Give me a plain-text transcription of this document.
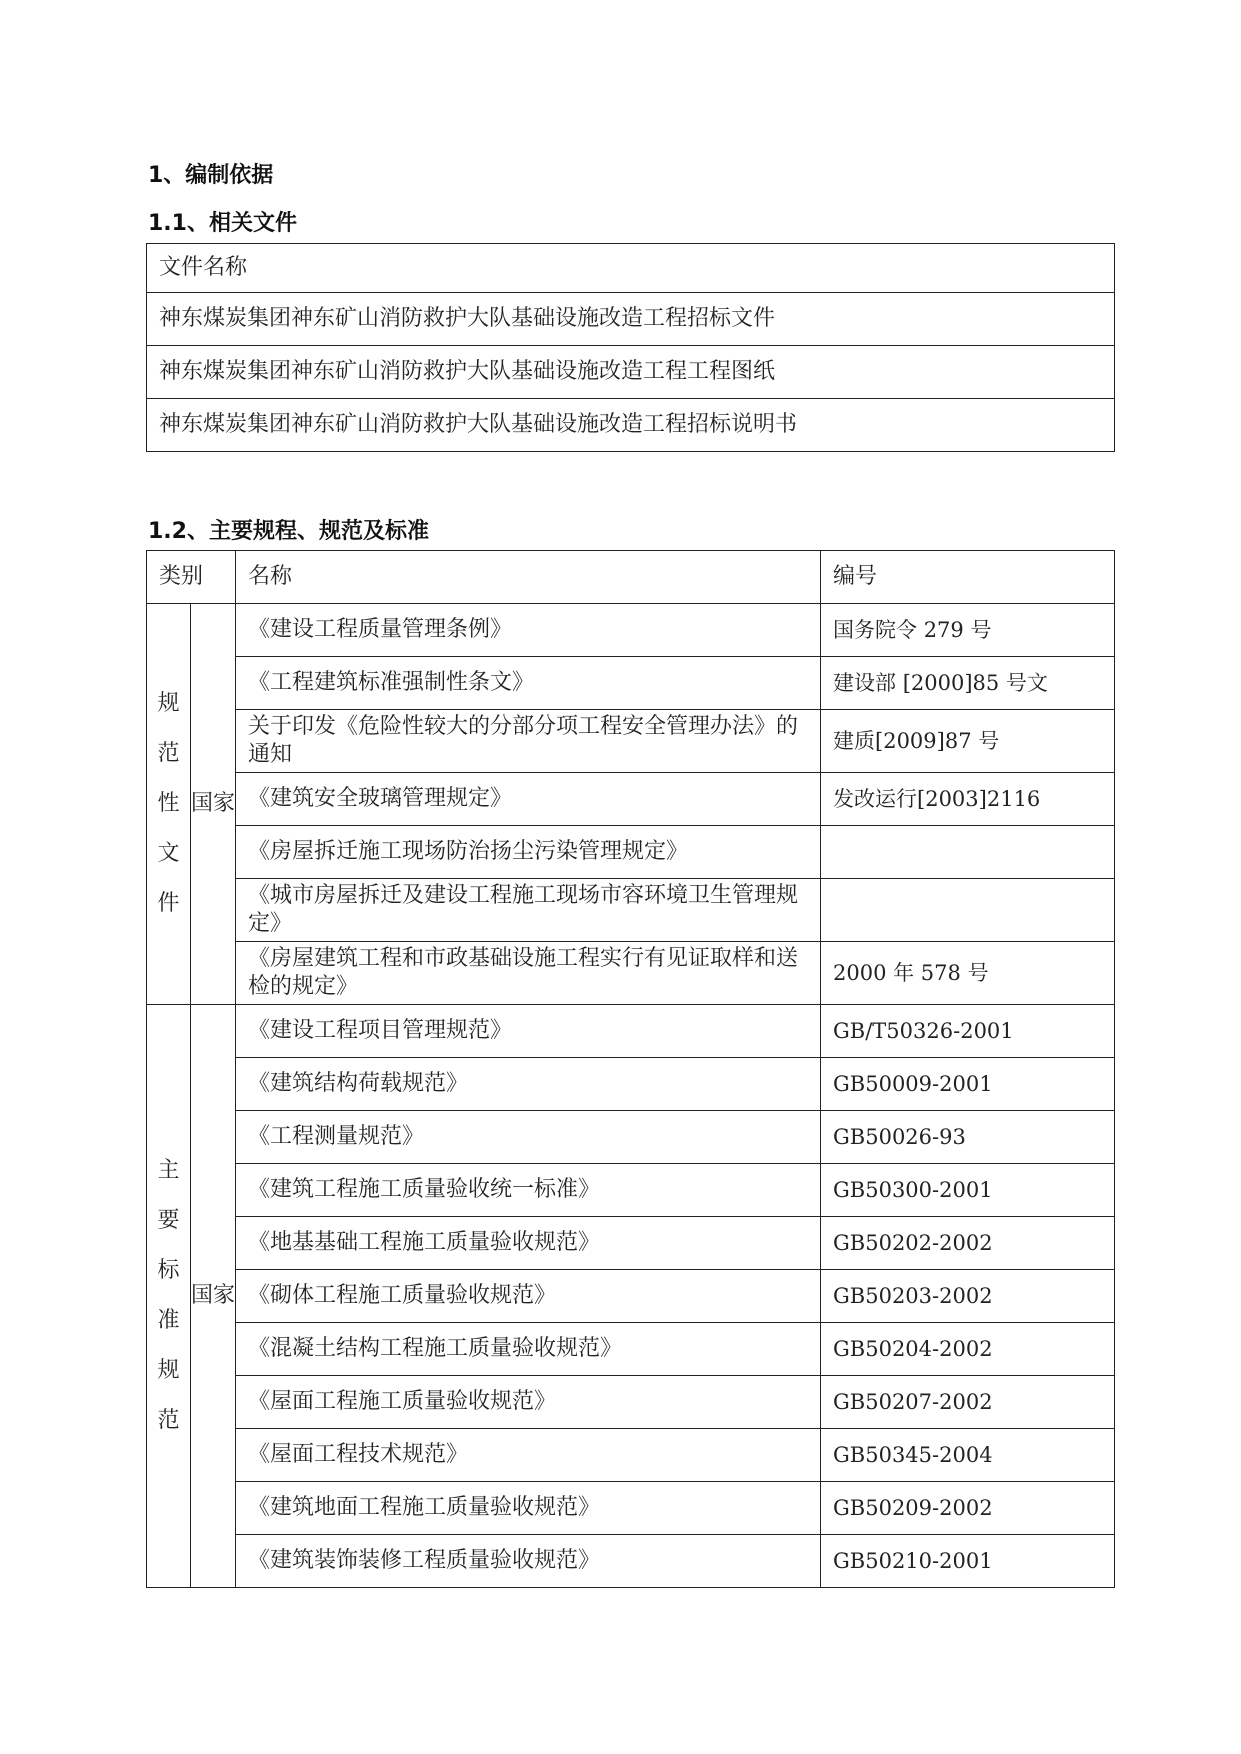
1、编制依据
1.1、相关文件
文件名称
神东煤炭集团神东矿山消防救护大队基础设施改造工程招标文件
神东煤炭集团神东矿山消防救护大队基础设施改造工程工程图纸
神东煤炭集团神东矿山消防救护大队基础设施改造工程招标说明书
1.2、主要规程、规范及标准
类别		名称	编号
规范性文件	国家	《建设工程质量管理条例》	国务院令 279 号
		《工程建筑标准强制性条文》	建设部 [2000]85 号文
		关于印发《危险性较大的分部分项工程安全管理办法》的通知	建质[2009]87 号
		《建筑安全玻璃管理规定》	发改运行[2003]2116
		《房屋拆迁施工现场防治扬尘污染管理规定》	
		《城市房屋拆迁及建设工程施工现场市容环境卫生管理规定》	
		《房屋建筑工程和市政基础设施工程实行有见证取样和送检的规定》	2000 年 578 号
主要标准规范	国家	《建设工程项目管理规范》	GB/T50326-2001
		《建筑结构荷载规范》	GB50009-2001
		《工程测量规范》	GB50026-93
		《建筑工程施工质量验收统一标准》	GB50300-2001
		《地基基础工程施工质量验收规范》	GB50202-2002
		《砌体工程施工质量验收规范》	GB50203-2002
		《混凝土结构工程施工质量验收规范》	GB50204-2002
		《屋面工程施工质量验收规范》	GB50207-2002
		《屋面工程技术规范》	GB50345-2004
		《建筑地面工程施工质量验收规范》	GB50209-2002
		《建筑装饰装修工程质量验收规范》	GB50210-2001
